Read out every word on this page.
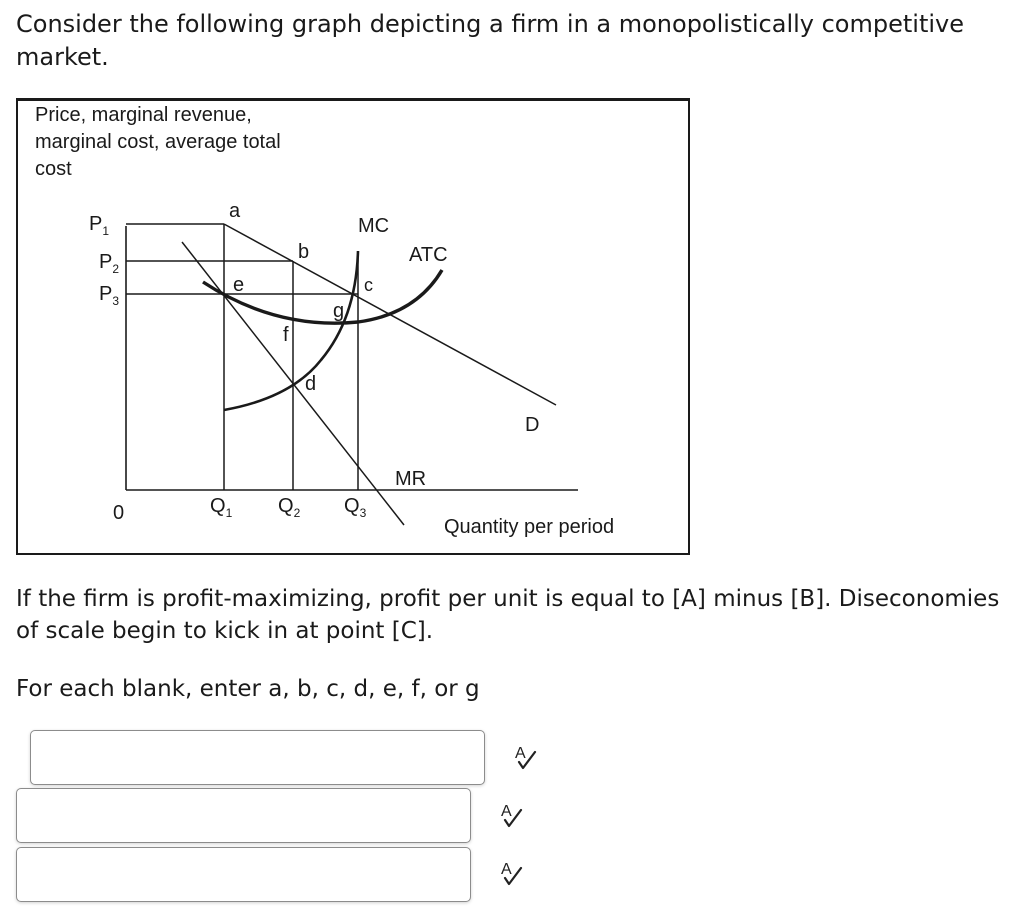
Consider the following graph depicting a firm in a monopolistically competitive market.

Price, marginal revenue,
marginal cost, average total
cost
$P_1$
$P_2$
$P_3$
0	$Q_1$ $Q_2$ $Q_3$
Quantity per period
MC
ATC
MR
D
a
b
c
d
e
f
g

If the firm is profit-maximizing, profit per unit is equal to [A] minus [B]. Diseconomies of scale begin to kick in at point [C].

For each blank, enter a, b, c, d, e, f, or g

A
A
A
